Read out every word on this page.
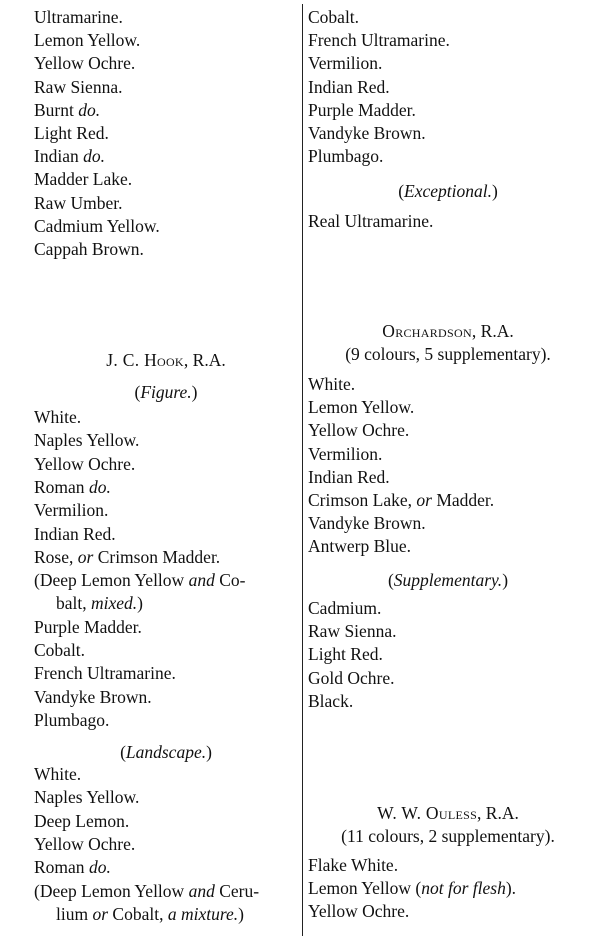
Ultramarine.
Lemon Yellow.
Yellow Ochre.
Raw Sienna.
Burnt do.
Light Red.
Indian do.
Madder Lake.
Raw Umber.
Cadmium Yellow.
Cappah Brown.
J. C. Hook, R.A.
(Figure.)
White.
Naples Yellow.
Yellow Ochre.
Roman do.
Vermilion.
Indian Red.
Rose, or Crimson Madder.
(Deep Lemon Yellow and Co-
balt, mixed.)
Purple Madder.
Cobalt.
French Ultramarine.
Vandyke Brown.
Plumbago.
(Landscape.)
White.
Naples Yellow.
Deep Lemon.
Yellow Ochre.
Roman do.
(Deep Lemon Yellow and Ceru-
lium or Cobalt, a mixture.)
Cobalt.
French Ultramarine.
Vermilion.
Indian Red.
Purple Madder.
Vandyke Brown.
Plumbago.
(Exceptional.)
Real Ultramarine.
Orchardson, R.A.
(9 colours, 5 supplementary).
White.
Lemon Yellow.
Yellow Ochre.
Vermilion.
Indian Red.
Crimson Lake, or Madder.
Vandyke Brown.
Antwerp Blue.
(Supplementary.)
Cadmium.
Raw Sienna.
Light Red.
Gold Ochre.
Black.
W. W. Ouless, R.A.
(11 colours, 2 supplementary).
Flake White.
Lemon Yellow (not for flesh).
Yellow Ochre.
